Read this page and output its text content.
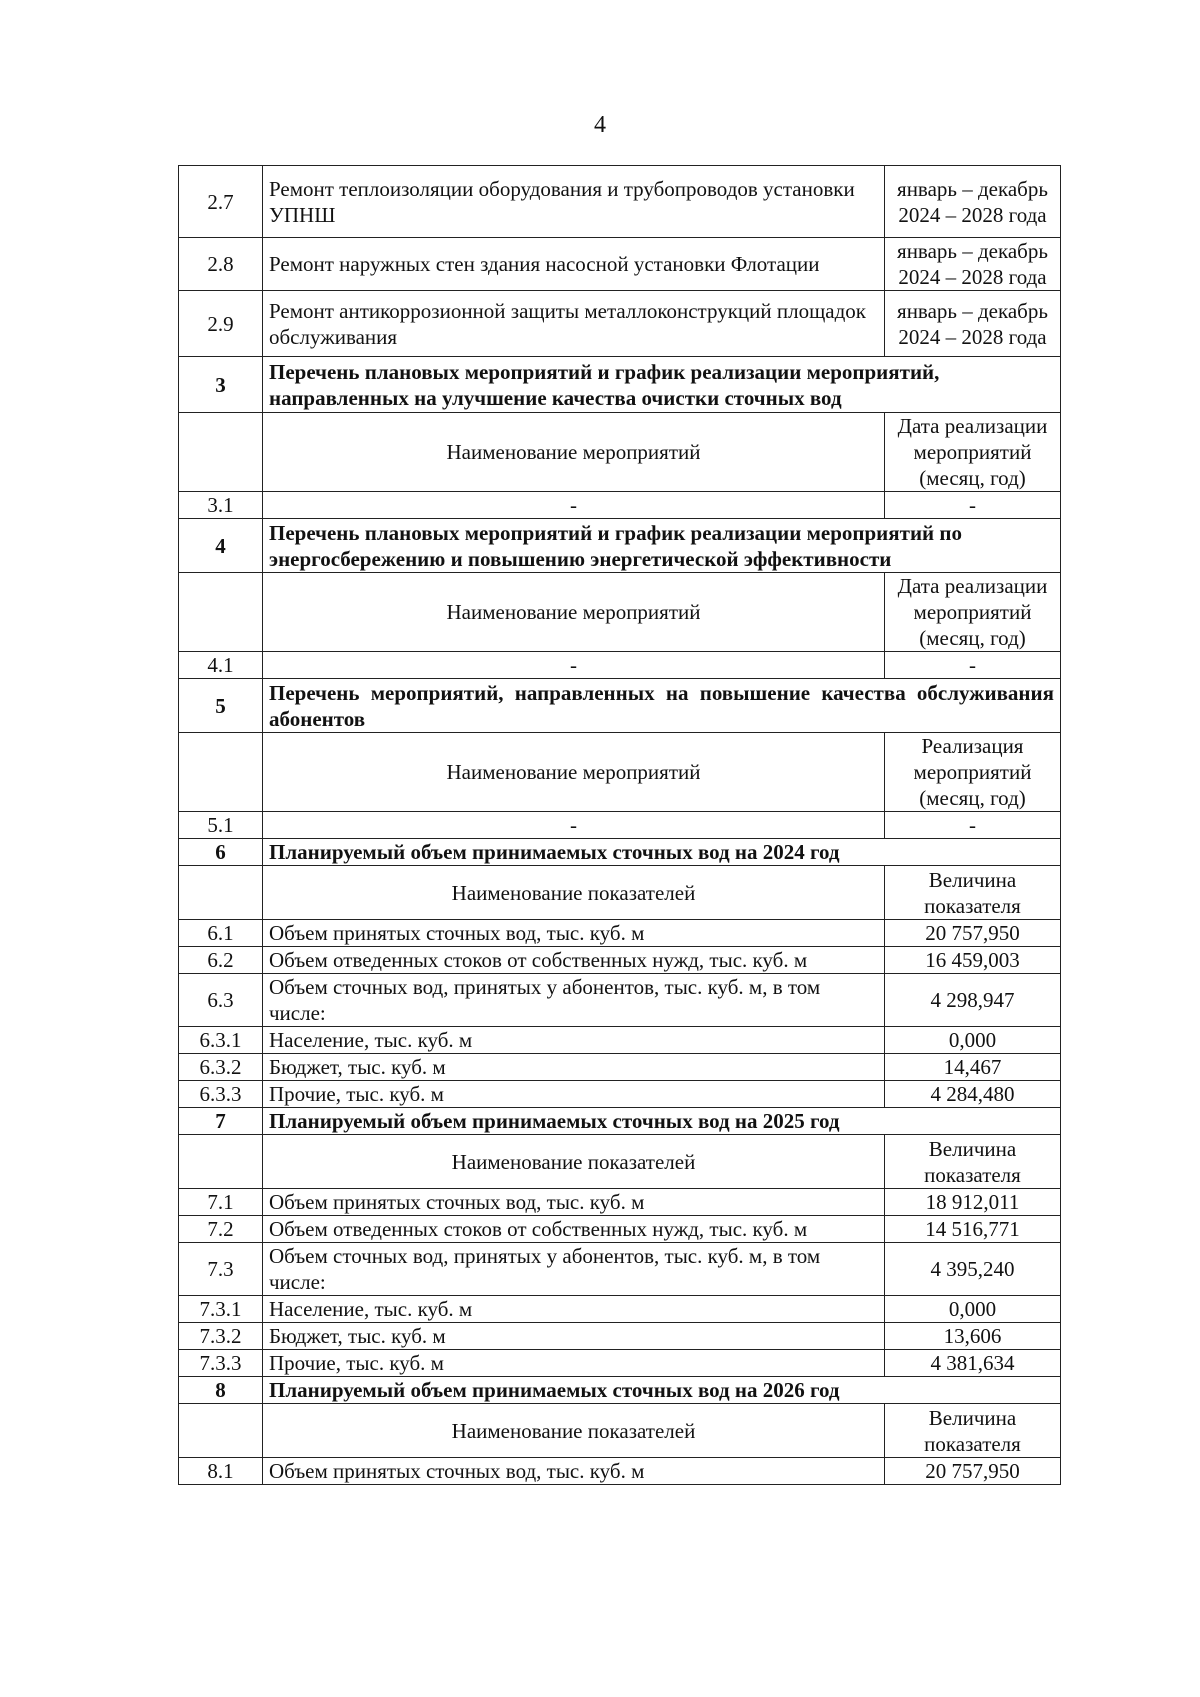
4
2.7	Ремонт теплоизоляции оборудования и трубопроводов установки УПНШ	январь – декабрь 2024 – 2028 года
2.8	Ремонт наружных стен здания насосной установки Флотации	январь – декабрь 2024 – 2028 года
2.9	Ремонт антикоррозионной защиты металлоконструкций площадок обслуживания	январь – декабрь 2024 – 2028 года
3	Перечень плановых мероприятий и график реализации мероприятий, направленных на улучшение качества очистки сточных вод	
	Наименование мероприятий	Дата реализации мероприятий (месяц, год)
3.1	-	-
4	Перечень плановых мероприятий и график реализации мероприятий по энергосбережению и повышению энергетической эффективности	
	Наименование мероприятий	Дата реализации мероприятий (месяц, год)
4.1	-	-
5	Перечень мероприятий, направленных на повышение качества обслуживания абонентов	
	Наименование мероприятий	Реализация мероприятий (месяц, год)
5.1	-	-
6	Планируемый объем принимаемых сточных вод на 2024 год	
	Наименование показателей	Величина показателя
6.1	Объем принятых сточных вод, тыс. куб. м	20 757,950
6.2	Объем отведенных стоков от собственных нужд, тыс. куб. м	16 459,003
6.3	Объем сточных вод, принятых у абонентов, тыс. куб. м, в том числе:	4 298,947
6.3.1	Население, тыс. куб. м	0,000
6.3.2	Бюджет, тыс. куб. м	14,467
6.3.3	Прочие, тыс. куб. м	4 284,480
7	Планируемый объем принимаемых сточных вод на 2025 год	
	Наименование показателей	Величина показателя
7.1	Объем принятых сточных вод, тыс. куб. м	18 912,011
7.2	Объем отведенных стоков от собственных нужд, тыс. куб. м	14 516,771
7.3	Объем сточных вод, принятых у абонентов, тыс. куб. м, в том числе:	4 395,240
7.3.1	Население, тыс. куб. м	0,000
7.3.2	Бюджет, тыс. куб. м	13,606
7.3.3	Прочие, тыс. куб. м	4 381,634
8	Планируемый объем принимаемых сточных вод на 2026 год	
	Наименование показателей	Величина показателя
8.1	Объем принятых сточных вод, тыс. куб. м	20 757,950
